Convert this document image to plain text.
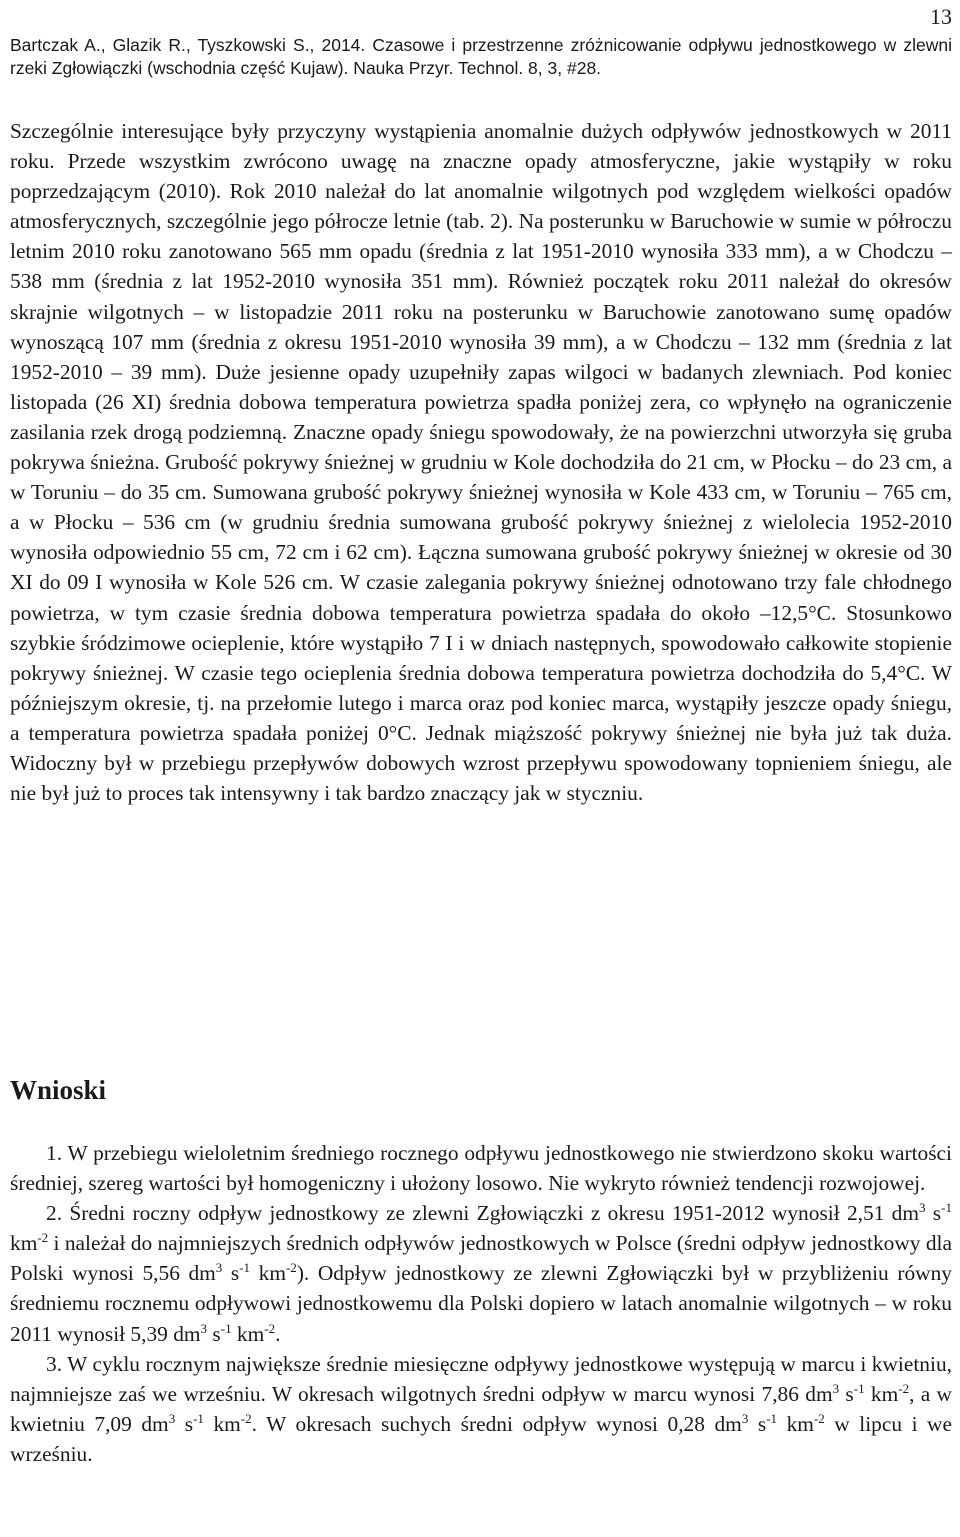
13
Bartczak A., Glazik R., Tyszkowski S., 2014. Czasowe i przestrzenne zróżnicowanie odpływu jednostkowego w zlewni rzeki Zgłowiączki (wschodnia część Kujaw). Nauka Przyr. Technol. 8, 3, #28.

Szczególnie interesujące były przyczyny wystąpienia anomalnie dużych odpływów jednostkowych w 2011 roku. Przede wszystkim zwrócono uwagę na znaczne opady atmosferyczne, jakie wystąpiły w roku poprzedzającym (2010). Rok 2010 należał do lat anomalnie wilgotnych pod względem wielkości opadów atmosferycznych, szczególnie jego półrocze letnie (tab. 2). Na posterunku w Baruchowie w sumie w półroczu letnim 2010 roku zanotowano 565 mm opadu (średnia z lat 1951-2010 wynosiła 333 mm), a w Chodczu – 538 mm (średnia z lat 1952-2010 wynosiła 351 mm). Również początek roku 2011 należał do okresów skrajnie wilgotnych – w listopadzie 2011 roku na posterunku w Baruchowie zanotowano sumę opadów wynoszącą 107 mm (średnia z okresu 1951-2010 wynosiła 39 mm), a w Chodczu – 132 mm (średnia z lat 1952-2010 – 39 mm). Duże jesienne opady uzupełniły zapas wilgoci w badanych zlewniach. Pod koniec listopada (26 XI) średnia dobowa temperatura powietrza spadła poniżej zera, co wpłynęło na ograniczenie zasilania rzek drogą podziemną. Znaczne opady śniegu spowodowały, że na powierzchni utworzyła się gruba pokrywa śnieżna. Grubość pokrywy śnieżnej w grudniu w Kole dochodziła do 21 cm, w Płocku – do 23 cm, a w Toruniu – do 35 cm. Sumowana grubość pokrywy śnieżnej wynosiła w Kole 433 cm, w Toruniu – 765 cm, a w Płocku – 536 cm (w grudniu średnia sumowana grubość pokrywy śnieżnej z wielolecia 1952-2010 wynosiła odpowiednio 55 cm, 72 cm i 62 cm). Łączna sumowana grubość pokrywy śnieżnej w okresie od 30 XI do 09 I wynosiła w Kole 526 cm. W czasie zalegania pokrywy śnieżnej odnotowano trzy fale chłodnego powietrza, w tym czasie średnia dobowa temperatura powietrza spadała do około –12,5°C. Stosunkowo szybkie śródzimowe ocieplenie, które wystąpiło 7 I i w dniach następnych, spowodowało całkowite stopienie pokrywy śnieżnej. W czasie tego ocieplenia średnia dobowa temperatura powietrza dochodziła do 5,4°C. W późniejszym okresie, tj. na przełomie lutego i marca oraz pod koniec marca, wystąpiły jeszcze opady śniegu, a temperatura powietrza spadała poniżej 0°C. Jednak miąższość pokrywy śnieżnej nie była już tak duża. Widoczny był w przebiegu przepływów dobowych wzrost przepływu spowodowany topnieniem śniegu, ale nie był już to proces tak intensywny i tak bardzo znaczący jak w styczniu.

Wnioski

1. W przebiegu wieloletnim średniego rocznego odpływu jednostkowego nie stwierdzono skoku wartości średniej, szereg wartości był homogeniczny i ułożony losowo. Nie wykryto również tendencji rozwojowej.

2. Średni roczny odpływ jednostkowy ze zlewni Zgłowiączki z okresu 1951-2012 wynosił 2,51 $dm^3$ $s^{-1}$ $km^{-2}$ i należał do najmniejszych średnich odpływów jednostkowych w Polsce (średni odpływ jednostkowy dla Polski wynosi 5,56 $dm^3$ $s^{-1}$ $km^{-2}$). Odpływ jednostkowy ze zlewni Zgłowiączki był w przybliżeniu równy średniemu rocznemu odpływowi jednostkowemu dla Polski dopiero w latach anomalnie wilgotnych – w roku 2011 wynosił 5,39 $dm^3$ $s^{-1}$ $km^{-2}$.

3. W cyklu rocznym największe średnie miesięczne odpływy jednostkowe występują w marcu i kwietniu, najmniejsze zaś we wrześniu. W okresach wilgotnych średni odpływ w marcu wynosi 7,86 $dm^3$ $s^{-1}$ $km^{-2}$, a w kwietniu 7,09 $dm^3$ $s^{-1}$ $km^{-2}$. W okresach suchych średni odpływ wynosi 0,28 $dm^3$ $s^{-1}$ $km^{-2}$ w lipcu i we wrześniu.
